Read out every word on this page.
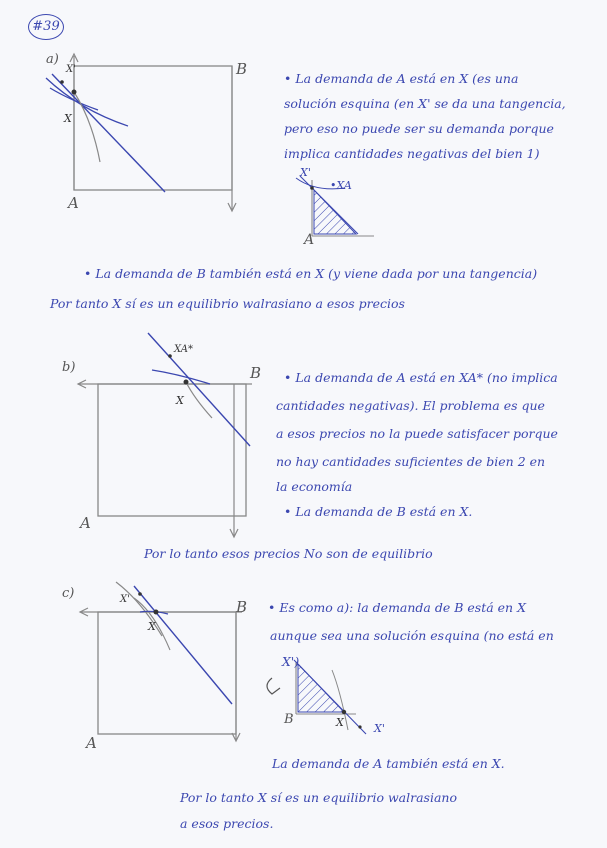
#39
a)
B
A
X
X'
X'
•XA
A
• La demanda de A está en X (es una
solución esquina (en X' se da una tangencia,
pero eso no puede ser su demanda porque
implica cantidades negativas del bien 1)
• La demanda de B también está en X (y viene dada por una tangencia)
Por tanto X sí es un equilibrio walrasiano a esos precios
b)	B
A
X
XA*
• La demanda de A está en XA* (no implica
cantidades negativas). El problema es que
a esos precios no la puede satisfacer porque
no hay cantidades suficientes de bien 2 en
la economía
• La demanda de B está en X.
Por lo tanto esos precios No son de equilibrio
c)
B
A
X
X'
B	X	X'
• Es como a): la demanda de B está en X
aunque sea una solución esquina (no está en
X')
La demanda de A también está en X.
Por lo tanto X sí es un equilibrio walrasiano
a esos precios.
